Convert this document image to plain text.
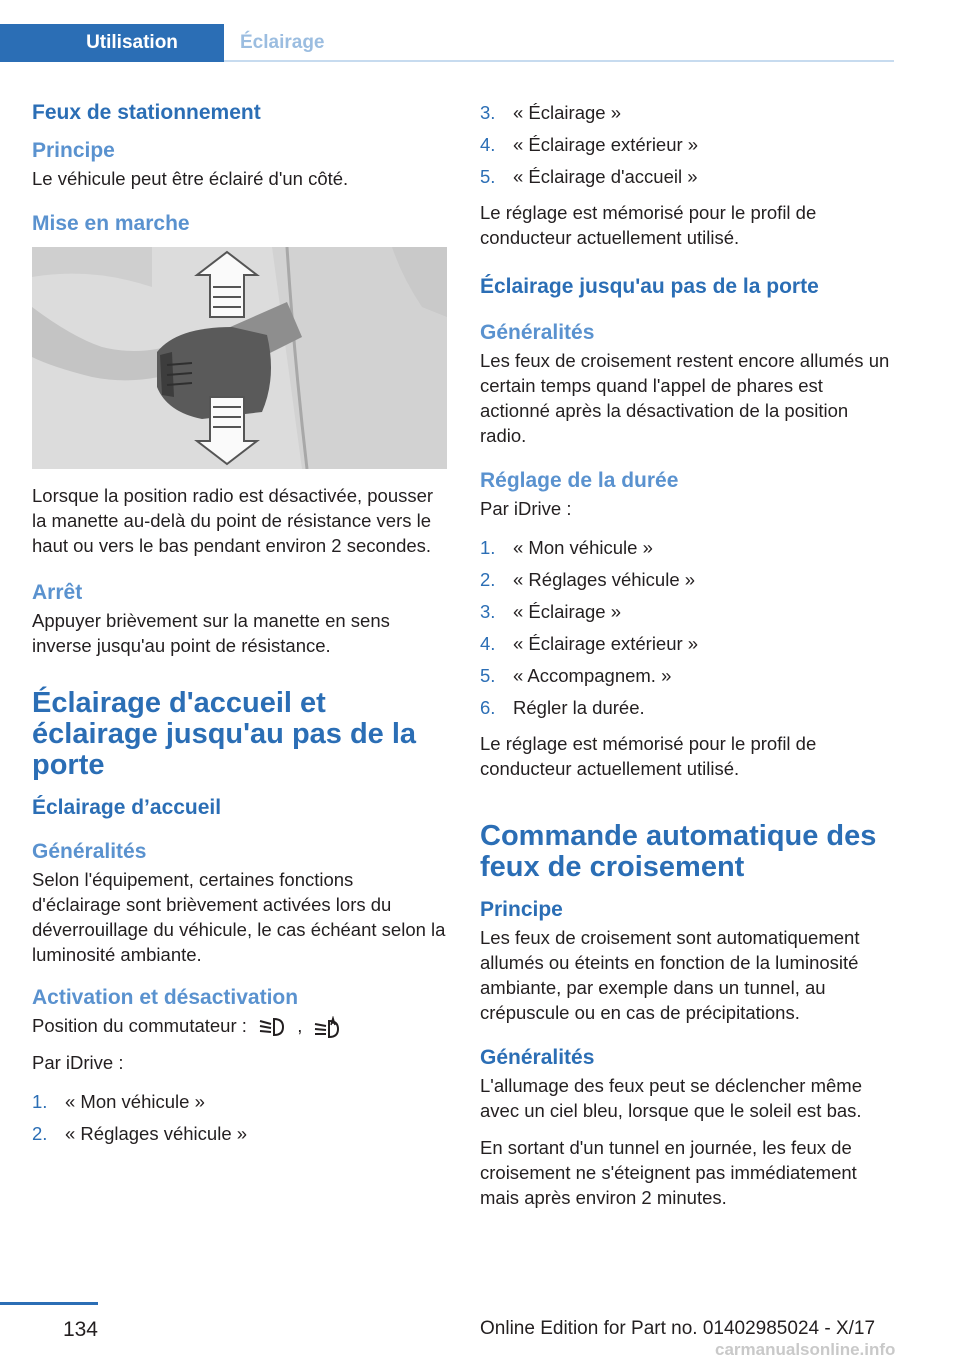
Utilisation	Éclairage
Feux de stationnement
Principe

Le véhicule peut être éclairé d'un côté.

Mise en marche

Lorsque la position radio est désactivée, pousser la manette au-delà du point de résistance vers le haut ou vers le bas pendant environ 2 secondes.

Arrêt

Appuyer brièvement sur la manette en sens inverse jusqu'au point de résistance.

Éclairage d'accueil et éclairage jusqu'au pas de la porte
Éclairage d’accueil
Généralités

Selon l'équipement, certaines fonctions d'éclairage sont brièvement activées lors du déverrouillage du véhicule, le cas échéant selon la luminosité ambiante.

Activation et désactivation

Position du commutateur :	,

Par iDrive :

1. « Mon véhicule »
2. « Réglages véhicule »
3. « Éclairage »
4. « Éclairage extérieur »
5. « Éclairage d'accueil »

Le réglage est mémorisé pour le profil de conducteur actuellement utilisé.

Éclairage jusqu'au pas de la porte
Généralités

Les feux de croisement restent encore allumés un certain temps quand l'appel de phares est actionné après la désactivation de la position radio.

Réglage de la durée

Par iDrive :

1. « Mon véhicule »
2. « Réglages véhicule »
3. « Éclairage »
4. « Éclairage extérieur »
5. « Accompagnem. »
6. Régler la durée.

Le réglage est mémorisé pour le profil de conducteur actuellement utilisé.

Commande automatique des feux de croisement
Principe

Les feux de croisement sont automatiquement allumés ou éteints en fonction de la luminosité ambiante, par exemple dans un tunnel, au crépuscule ou en cas de précipitations.

Généralités

L'allumage des feux peut se déclencher même avec un ciel bleu, lorsque que le soleil est bas.

En sortant d'un tunnel en journée, les feux de croisement ne s'éteignent pas immédiatement mais après environ 2 minutes.

134	Online Edition for Part no. 01402985024 - X/17
carmanualsonline.info
